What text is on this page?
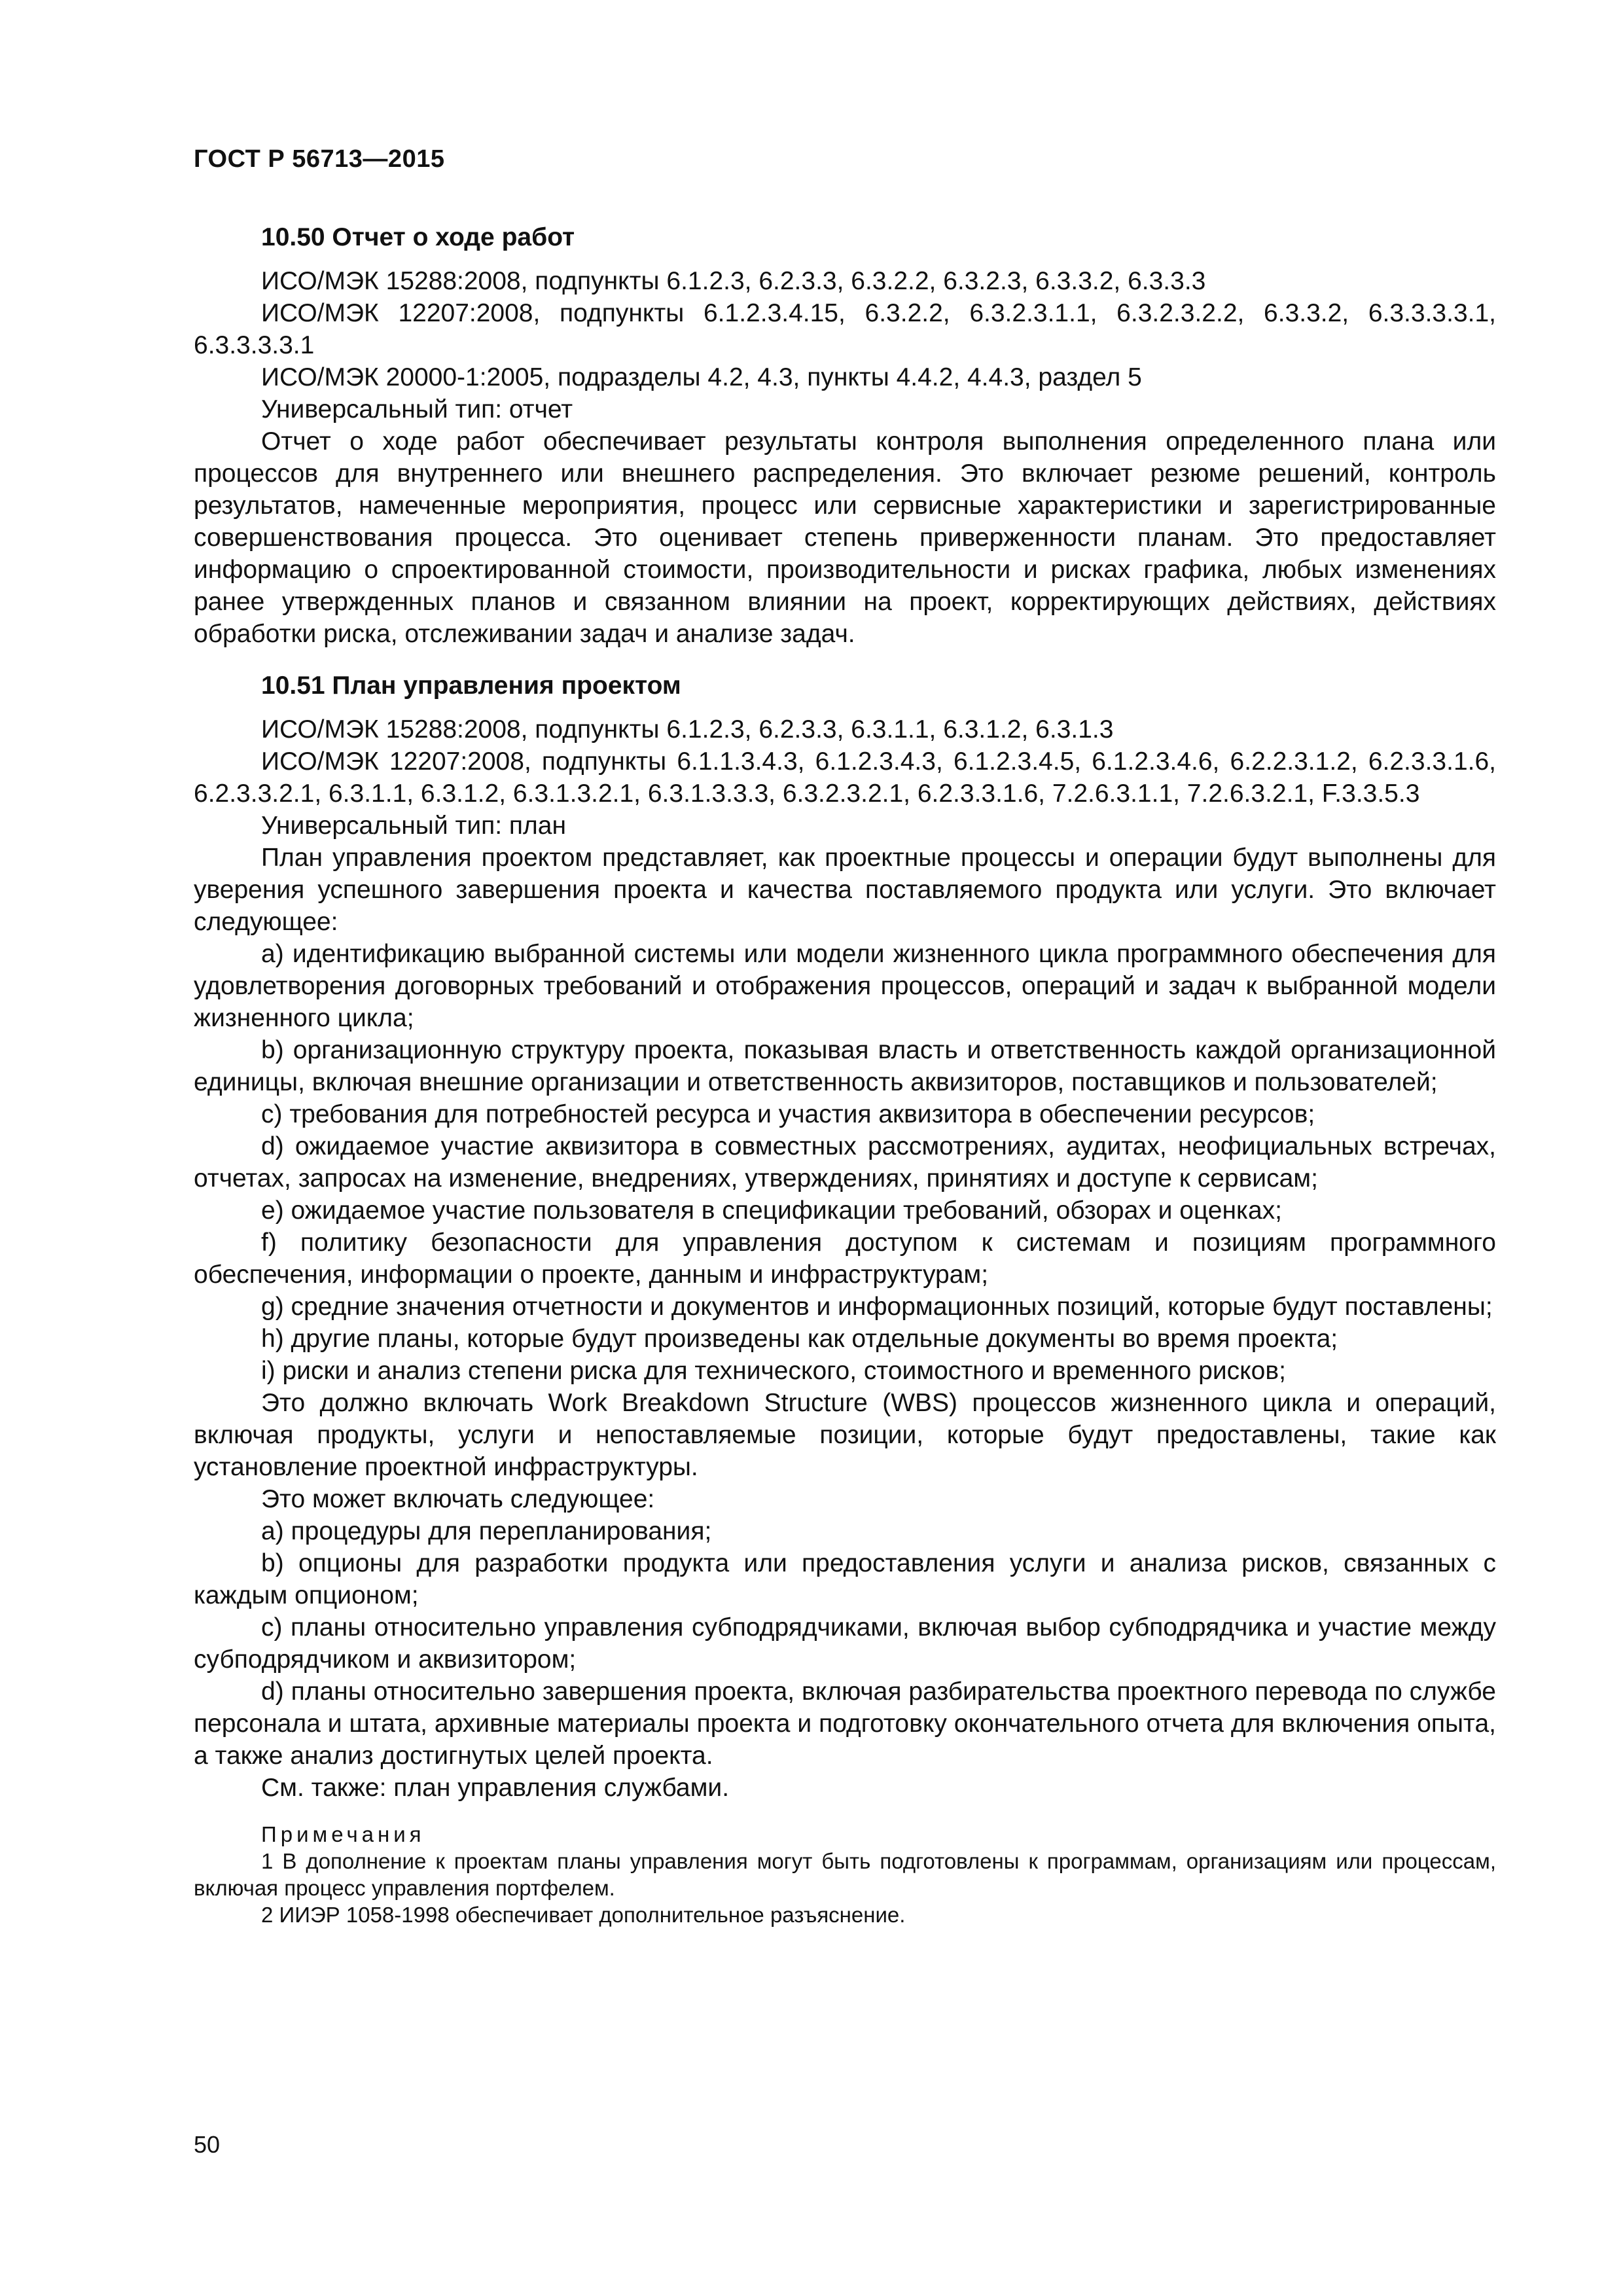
ГОСТ Р 56713—2015
10.50 Отчет о ходе работ

ИСО/МЭК 15288:2008, подпункты 6.1.2.3, 6.2.3.3, 6.3.2.2, 6.3.2.3, 6.3.3.2, 6.3.3.3

ИСО/МЭК 12207:2008, подпункты 6.1.2.3.4.15, 6.3.2.2, 6.3.2.3.1.1, 6.3.2.3.2.2, 6.3.3.2, 6.3.3.3.3.1, 6.3.3.3.3.1

ИСО/МЭК 20000-1:2005, подразделы 4.2, 4.3, пункты 4.4.2, 4.4.3, раздел 5

Универсальный тип: отчет

Отчет о ходе работ обеспечивает результаты контроля выполнения определенного плана или процессов для внутреннего или внешнего распределения. Это включает резюме решений, контроль результатов, намеченные мероприятия, процесс или сервисные характеристики и зарегистрированные совершенствования процесса. Это оценивает степень приверженности планам. Это предоставляет информацию о спроектированной стоимости, производительности и рисках графика, любых изменениях ранее утвержденных планов и связанном влиянии на проект, корректирующих действиях, действиях обработки риска, отслеживании задач и анализе задач.

10.51 План управления проектом

ИСО/МЭК 15288:2008, подпункты 6.1.2.3, 6.2.3.3, 6.3.1.1, 6.3.1.2, 6.3.1.3

ИСО/МЭК 12207:2008, подпункты 6.1.1.3.4.3, 6.1.2.3.4.3, 6.1.2.3.4.5, 6.1.2.3.4.6, 6.2.2.3.1.2, 6.2.3.3.1.6, 6.2.3.3.2.1, 6.3.1.1, 6.3.1.2, 6.3.1.3.2.1, 6.3.1.3.3.3, 6.3.2.3.2.1, 6.2.3.3.1.6, 7.2.6.3.1.1, 7.2.6.3.2.1, F.3.3.5.3

Универсальный тип: план

План управления проектом представляет, как проектные процессы и операции будут выполнены для уверения успешного завершения проекта и качества поставляемого продукта или услуги. Это включает следующее:

а) идентификацию выбранной системы или модели жизненного цикла программного обеспечения для удовлетворения договорных требований и отображения процессов, операций и задач к выбранной модели жизненного цикла;

b) организационную структуру проекта, показывая власть и ответственность каждой организационной единицы, включая внешние организации и ответственность аквизиторов, поставщиков и пользователей;

с) требования для потребностей ресурса и участия аквизитора в обеспечении ресурсов;

d) ожидаемое участие аквизитора в совместных рассмотрениях, аудитах, неофициальных встречах, отчетах, запросах на изменение, внедрениях, утверждениях, принятиях и доступе к сервисам;

е) ожидаемое участие пользователя в спецификации требований, обзорах и оценках;

f) политику безопасности для управления доступом к системам и позициям программного обеспечения, информации о проекте, данным и инфраструктурам;

g) средние значения отчетности и документов и информационных позиций, которые будут поставлены;

h) другие планы, которые будут произведены как отдельные документы во время проекта;

i) риски и анализ степени риска для технического, стоимостного и временного рисков;

Это должно включать Work Breakdown Structure (WBS) процессов жизненного цикла и операций, включая продукты, услуги и непоставляемые позиции, которые будут предоставлены, такие как установление проектной инфраструктуры.

Это может включать следующее:

а) процедуры для перепланирования;

b) опционы для разработки продукта или предоставления услуги и анализа рисков, связанных с каждым опционом;

с) планы относительно управления субподрядчиками, включая выбор субподрядчика и участие между субподрядчиком и аквизитором;

d) планы относительно завершения проекта, включая разбирательства проектного перевода по службе персонала и штата, архивные материалы проекта и подготовку окончательного отчета для включения опыта, а также анализ достигнутых целей проекта.

См. также: план управления службами.

Примечания

1 В дополнение к проектам планы управления могут быть подготовлены к программам, организациям или процессам, включая процесс управления портфелем.

2 ИИЭР 1058-1998 обеспечивает дополнительное разъяснение.

50
